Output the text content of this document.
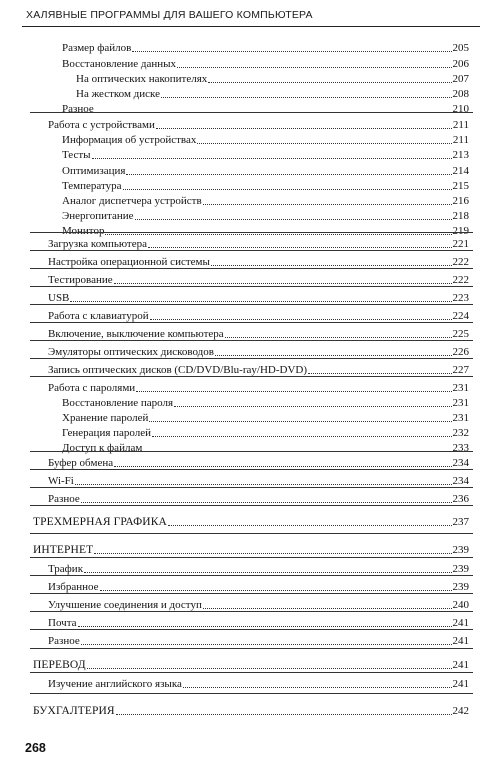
ХАЛЯВНЫЕ ПРОГРАММЫ ДЛЯ ВАШЕГО КОМПЬЮТЕРА
Размер файлов	205
Восстановление данных	206
На оптических накопителях	207
На жестком диске	208
Разное	210
Работа с устройствами	211
Информация об устройствах	211
Тесты	213
Оптимизация	214
Температура	215
Аналог диспетчера устройств	216
Энергопитание	218
Монитор	219
Загрузка компьютера	221
Настройка операционной системы	222
Тестирование	222
USB	223
Работа с клавиатурой	224
Включение, выключение компьютера	225
Эмуляторы оптических дисководов	226
Запись оптических дисков (CD/DVD/Blu-ray/HD-DVD)	227
Работа с паролями	231
Восстановление пароля	231
Хранение паролей	231
Генерация паролей	232
Доступ к файлам	233
Буфер обмена	234
Wi-Fi	234
Разное	236
ТРЕХМЕРНАЯ ГРАФИКА	237
ИНТЕРНЕТ	239
Трафик	239
Избранное	239
Улучшение соединения и доступ	240
Почта	241
Разное	241
ПЕРЕВОД	241
Изучение английского языка	241
БУХГАЛТЕРИЯ	242
268
